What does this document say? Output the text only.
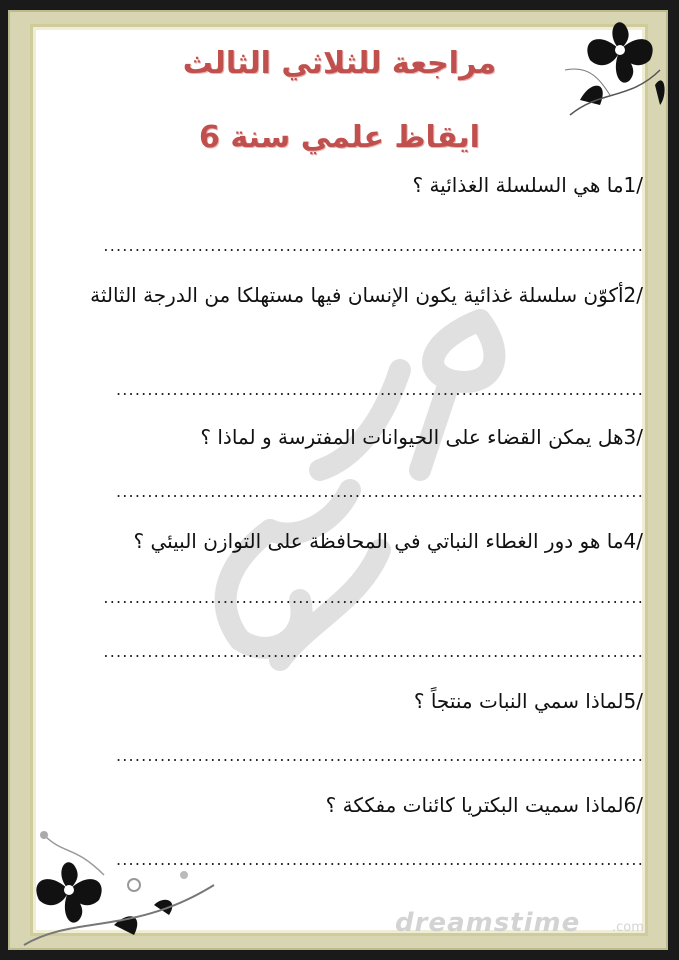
مراجعة للثلاثي الثالث
ايقاظ علمي سنة 6
1/ما هي السلسلة الغذائية ؟
......................................................................................
2/أكوّن سلسلة غذائية يكون الإنسان فيها مستهلكا من الدرجة الثالثة
....................................................................................
3/هل يمكن القضاء على الحيوانات المفترسة و لماذا ؟
....................................................................................
4/ما هو دور الغطاء النباتي في المحافظة على التوازن البيئي ؟
......................................................................................
......................................................................................
5/لماذا سمي النبات منتجاً ؟
....................................................................................
6/لماذا سميت البكتريا كائنات مفككة ؟
....................................................................................
dreamstime .com
